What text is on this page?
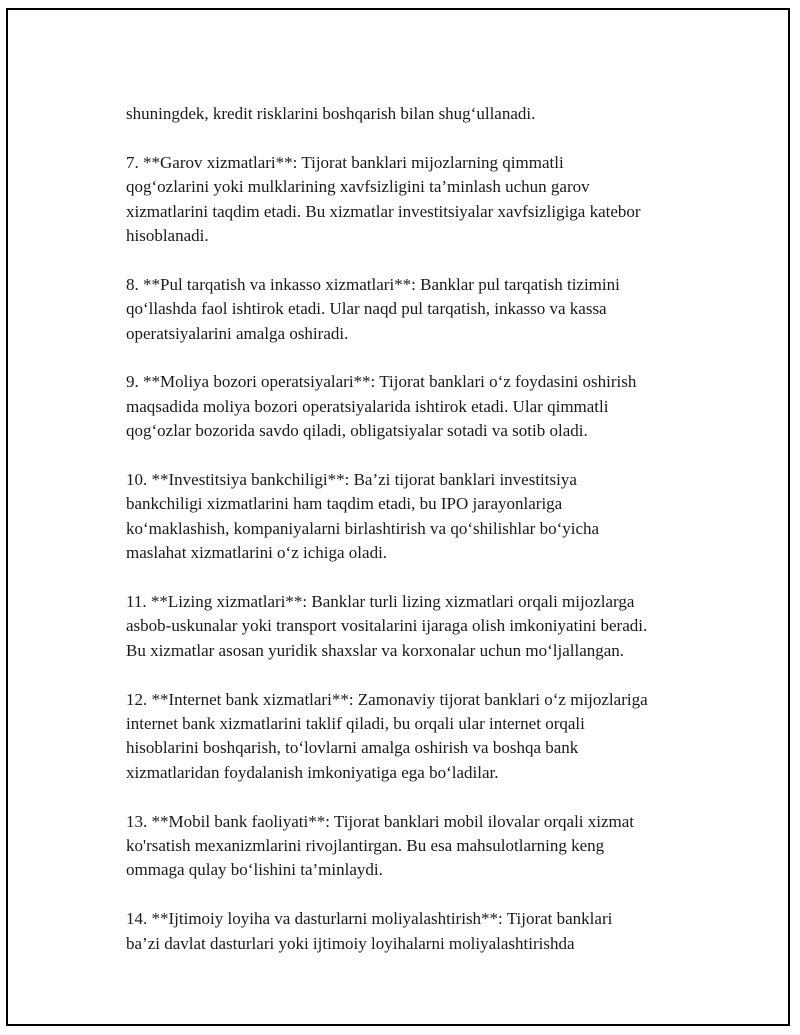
shuningdek, kredit risklarini boshqarish bilan shug‘ullanadi.

7. **Garov xizmatlari**: Tijorat banklari mijozlarning qimmatli
qog‘ozlarini yoki mulklarining xavfsizligini ta’minlash uchun garov
xizmatlarini taqdim etadi. Bu xizmatlar investitsiyalar xavfsizligiga katebor
hisoblanadi.

8. **Pul tarqatish va inkasso xizmatlari**: Banklar pul tarqatish tizimini
qo‘llashda faol ishtirok etadi. Ular naqd pul tarqatish, inkasso va kassa
operatsiyalarini amalga oshiradi.

9. **Moliya bozori operatsiyalari**: Tijorat banklari o‘z foydasini oshirish
maqsadida moliya bozori operatsiyalarida ishtirok etadi. Ular qimmatli
qog‘ozlar bozorida savdo qiladi, obligatsiyalar sotadi va sotib oladi.

10. **Investitsiya bankchiligi**: Ba’zi tijorat banklari investitsiya
bankchiligi xizmatlarini ham taqdim etadi, bu IPO jarayonlariga
ko‘maklashish, kompaniyalarni birlashtirish va qo‘shilishlar bo‘yicha
maslahat xizmatlarini o‘z ichiga oladi.

11. **Lizing xizmatlari**: Banklar turli lizing xizmatlari orqali mijozlarga
asbob-uskunalar yoki transport vositalarini ijaraga olish imkoniyatini beradi.
Bu xizmatlar asosan yuridik shaxslar va korxonalar uchun mo‘ljallangan.

12. **Internet bank xizmatlari**: Zamonaviy tijorat banklari o‘z mijozlariga
internet bank xizmatlarini taklif qiladi, bu orqali ular internet orqali
hisoblarini boshqarish, to‘lovlarni amalga oshirish va boshqa bank
xizmatlaridan foydalanish imkoniyatiga ega bo‘ladilar.

13. **Mobil bank faoliyati**: Tijorat banklari mobil ilovalar orqali xizmat
ko'rsatish mexanizmlarini rivojlantirgan. Bu esa mahsulotlarning keng
ommaga qulay bo‘lishini ta’minlaydi.

14. **Ijtimoiy loyiha va dasturlarni moliyalashtirish**: Tijorat banklari
ba’zi davlat dasturlari yoki ijtimoiy loyihalarni moliyalashtirishda
